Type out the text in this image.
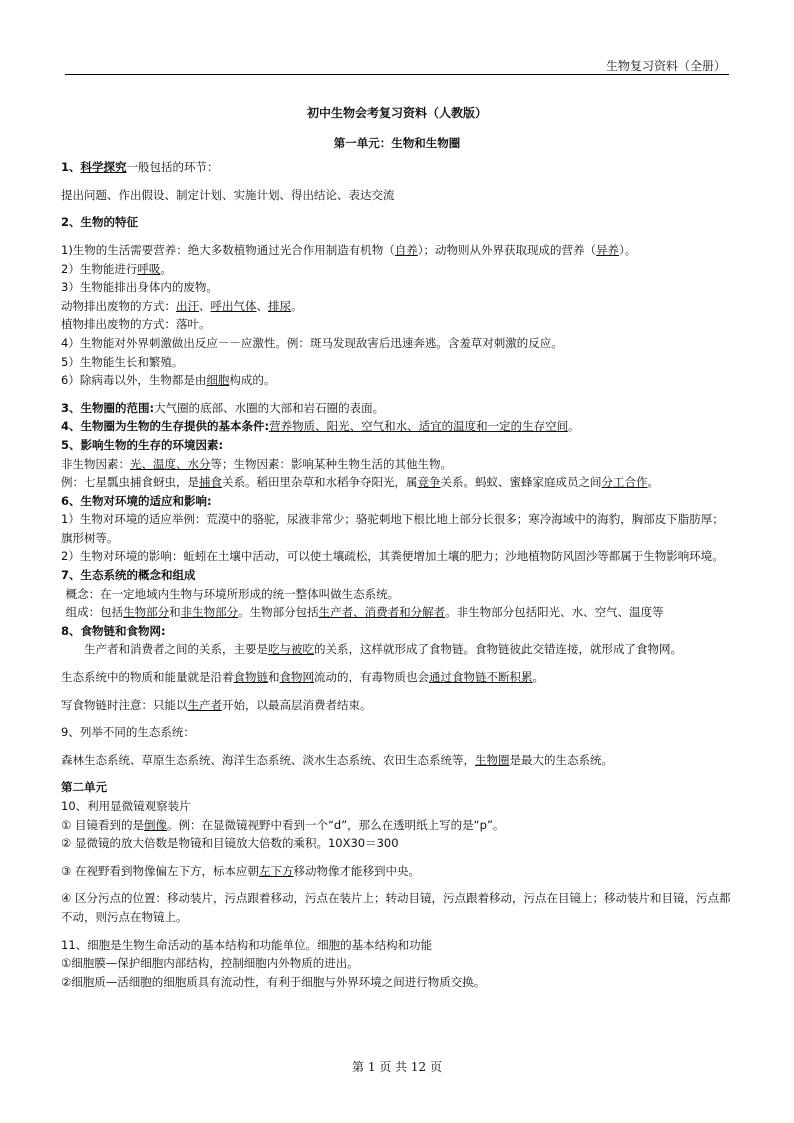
生物复习资料（全册）
初中生物会考复习资料（人教版）
第一单元：生物和生物圈

1、科学探究一般包括的环节：

提出问题、作出假设、制定计划、实施计划、得出结论、表达交流

2、生物的特征

1)生物的生活需要营养：绝大多数植物通过光合作用制造有机物（自养）；动物则从外界获取现成的营养（异养）。

2）生物能进行呼吸。

3）生物能排出身体内的废物。

动物排出废物的方式：出汗、呼出气体、排尿。

植物排出废物的方式：落叶。

4）生物能对外界刺激做出反应－－应激性。例：斑马发现敌害后迅速奔逃。含羞草对刺激的反应。

5）生物能生长和繁殖。

6）除病毒以外，生物都是由细胞构成的。

3、生物圈的范围:大气圈的底部、水圈的大部和岩石圈的表面。

4、生物圈为生物的生存提供的基本条件:营养物质、阳光、空气和水、适宜的温度和一定的生存空间。

5、影响生物的生存的环境因素:

非生物因素：光、温度、水分等；生物因素：影响某种生物生活的其他生物。

例：七星瓢虫捕食蚜虫，是捕食关系。稻田里杂草和水稻争夺阳光，属竞争关系。蚂蚁、蜜蜂家庭成员之间分工合作。

6、生物对环境的适应和影响:

1）生物对环境的适应举例：荒漠中的骆驼，尿液非常少；骆驼刺地下根比地上部分长很多；寒冷海域中的海豹，胸部皮下脂肪厚；旗形树等。

2）生物对环境的影响：蚯蚓在土壤中活动，可以使土壤疏松，其粪便增加土壤的肥力；沙地植物防风固沙等都属于生物影响环境。

7、生态系统的概念和组成

概念：在一定地域内生物与环境所形成的统一整体叫做生态系统。

组成：包括生物部分和非生物部分。生物部分包括生产者、消费者和分解者。非生物部分包括阳光、水、空气、温度等

8、食物链和食物网:

生产者和消费者之间的关系，主要是吃与被吃的关系，这样就形成了食物链。食物链彼此交错连接，就形成了食物网。

生态系统中的物质和能量就是沿着食物链和食物网流动的，有毒物质也会通过食物链不断积累。

写食物链时注意：只能以生产者开始，以最高层消费者结束。

9、列举不同的生态系统：

森林生态系统、草原生态系统、海洋生态系统、淡水生态系统、农田生态系统等，生物圈是最大的生态系统。

第二单元

10、利用显微镜观察装片

① 目镜看到的是倒像。例：在显微镜视野中看到一个“d”，那么在透明纸上写的是“p”。

② 显微镜的放大倍数是物镜和目镜放大倍数的乘积。10X30＝300

③ 在视野看到物像偏左下方，标本应朝左下方移动物像才能移到中央。

④ 区分污点的位置：移动装片，污点跟着移动，污点在装片上；转动目镜，污点跟着移动，污点在目镜上；移动装片和目镜，污点都不动，则污点在物镜上。

11、细胞是生物生命活动的基本结构和功能单位。细胞的基本结构和功能

①细胞膜—保护细胞内部结构，控制细胞内外物质的进出。

②细胞质—活细胞的细胞质具有流动性，有利于细胞与外界环境之间进行物质交换。

第 1 页 共 12 页
